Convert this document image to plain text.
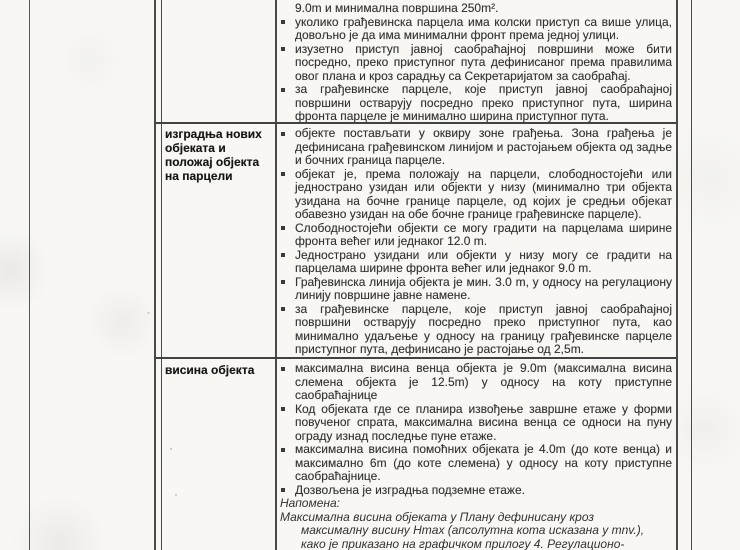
9.0m и минимална површина 250m².
уколико грађевинска парцела има колски приступ са више улица, довољно је да има минимални фронт према једној улици.
изузетно приступ јавној саобраћајној површини може бити посредно, преко приступног пута дефинисаног према правилима овог плана и кроз сарадњу са Секретаријатом за саобраћај.
за грађевинске парцеле, које приступ јавној саобраћајној површини остварују посредно преко приступног пута, ширина фронта парцеле је минимално ширина приступног пута.
изградња нових објеката и положај објекта на парцели
објекте постављати у оквиру зоне грађења. Зона грађења је дефинисана грађевинском линијом и растојањем објекта од задње и бочних граница парцеле.
објекат је, према положају на парцели, слободностојећи или једнострано узидан или објекти у низу (минимално три објекта узидана на бочне границе парцеле, од којих је средњи објекат обавезно узидан на обе бочне границе грађевинске парцеле).
Слободностојећи објекти се могу градити на парцелама ширине фронта већег или једнаког 12.0 m.
Једнострано узидани или објекти у низу могу се градити на парцелама ширине фронта већег или једнаког 9.0 m.
Грађевинска линија објекта је мин. 3.0 m, у односу на регулациону линију површине јавне намене.
за грађевинске парцеле, које приступ јавној саобраћајној површини остварују посредно преко приступног пута, као минимално удаљење у односу на границу грађевинске парцеле приступног пута, дефинисано је растојање од 2,5m.
висина објекта	максимална висина венца објекта је 9.0m (максимална висина слемена објекта је 12.5m) у односу на коту приступне саобраћајнице
Код објеката где се планира извођење завршне етаже у форми повученог спрата, максимална висина венца се односи на пуну ограду изнад последње пуне етаже.
максимална висина помоћних објеката је 4.0m (до коте венца) и максимално 6m (до коте слемена) у односу на коту приступне саобраћајнице.
Дозвољена је изградња подземне етаже.
Напомена:
Максимална висина објеката у Плану дефинисану кроз
максималну висину Hmax (апсолутна кота исказана у mnv.),
како је приказано на графичком прилогу 4. Регулационо-
